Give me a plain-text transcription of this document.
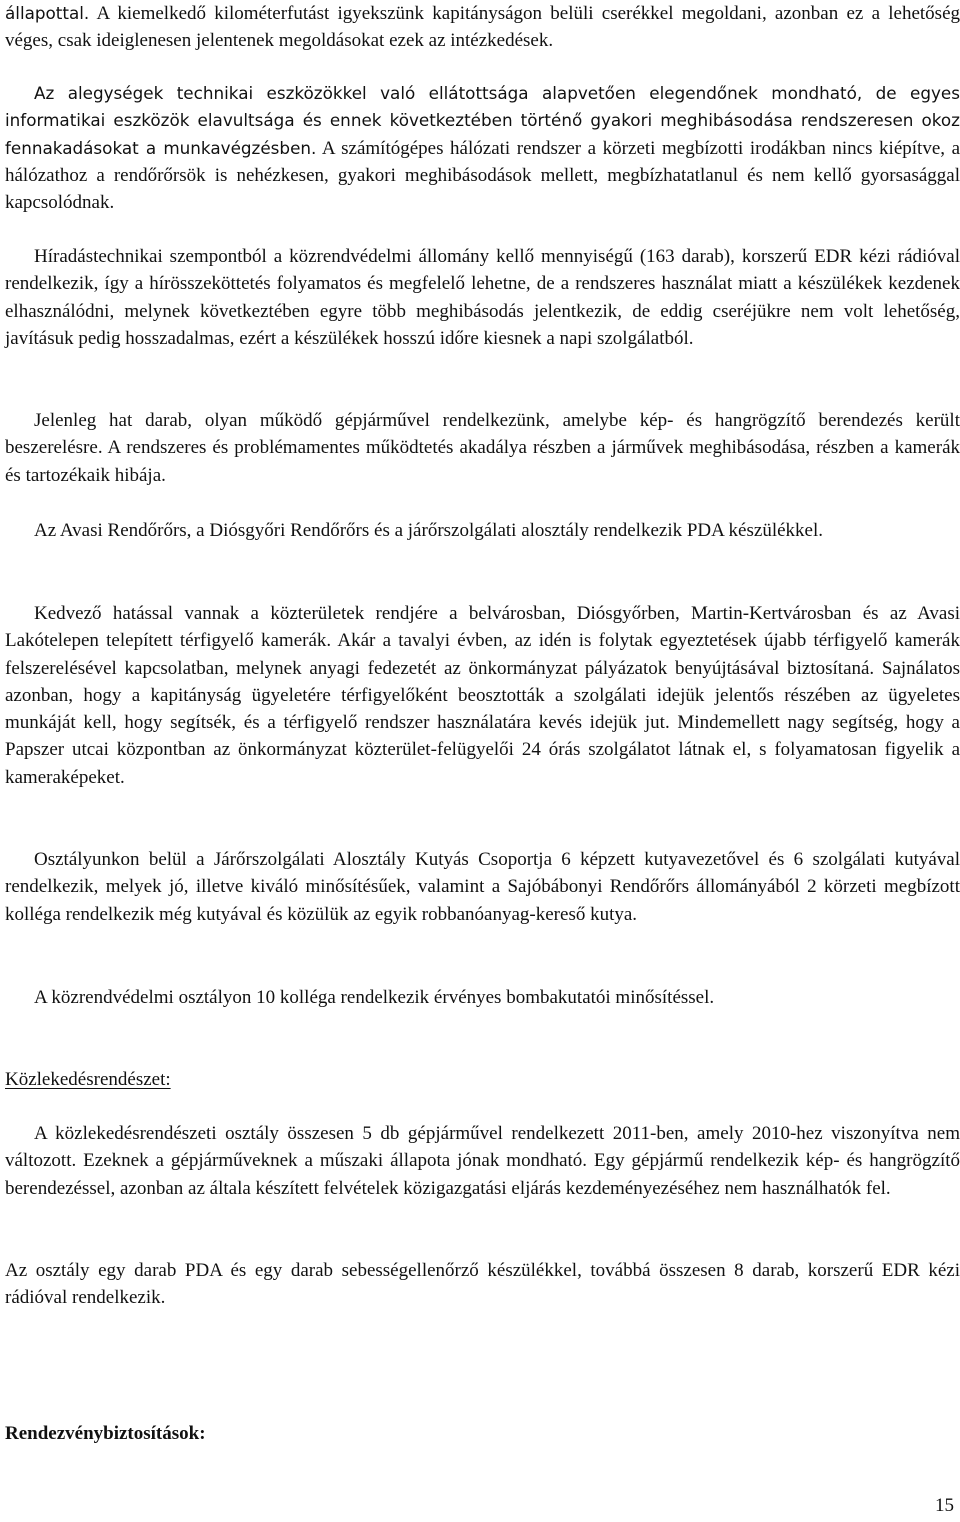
állapottal. A kiemelkedő kilométerfutást igyekszünk kapitányságon belüli cserékkel megoldani, azonban ez a lehetőség véges, csak ideiglenesen jelentenek megoldásokat ezek az intézkedések.

Az alegységek technikai eszközökkel való ellátottsága alapvetően elegendőnek mondható, de egyes informatikai eszközök elavultsága és ennek következtében történő gyakori meghibásodása rendszeresen okoz fennakadásokat a munkavégzésben. A számítógépes hálózati rendszer a körzeti megbízotti irodákban nincs kiépítve, a hálózathoz a rendőrőrsök is nehézkesen, gyakori meghibásodások mellett, megbízhatatlanul és nem kellő gyorsasággal kapcsolódnak.

Híradástechnikai szempontból a közrendvédelmi állomány kellő mennyiségű (163 darab), korszerű EDR kézi rádióval rendelkezik, így a hírösszeköttetés folyamatos és megfelelő lehetne, de a rendszeres használat miatt a készülékek kezdenek elhasználódni, melynek következtében egyre több meghibásodás jelentkezik, de eddig cseréjükre nem volt lehetőség, javításuk pedig hosszadalmas, ezért a készülékek hosszú időre kiesnek a napi szolgálatból.

Jelenleg hat darab, olyan működő gépjárművel rendelkezünk, amelybe kép- és hangrögzítő berendezés került beszerelésre. A rendszeres és problémamentes működtetés akadálya részben a járművek meghibásodása, részben a kamerák és tartozékaik hibája.

Az Avasi Rendőrőrs, a Diósgyőri Rendőrőrs és a járőrszolgálati alosztály rendelkezik PDA készülékkel.

Kedvező hatással vannak a közterületek rendjére a belvárosban, Diósgyőrben, Martin-Kertvárosban és az Avasi Lakótelepen telepített térfigyelő kamerák. Akár a tavalyi évben, az idén is folytak egyeztetések újabb térfigyelő kamerák felszerelésével kapcsolatban, melynek anyagi fedezetét az önkormányzat pályázatok benyújtásával biztosítaná. Sajnálatos azonban, hogy a kapitányság ügyeletére térfigyelőként beosztották a szolgálati idejük jelentős részében az ügyeletes munkáját kell, hogy segítsék, és a térfigyelő rendszer használatára kevés idejük jut. Mindemellett nagy segítség, hogy a Papszer utcai központban az önkormányzat közterület-felügyelői 24 órás szolgálatot látnak el, s folyamatosan figyelik a kameraképeket.

Osztályunkon belül a Járőrszolgálati Alosztály Kutyás Csoportja 6 képzett kutyavezetővel és 6 szolgálati kutyával rendelkezik, melyek jó, illetve kiváló minősítésűek, valamint a Sajóbábonyi Rendőrőrs állományából 2 körzeti megbízott kolléga rendelkezik még kutyával és közülük az egyik robbanóanyag-kereső kutya.

A közrendvédelmi osztályon 10 kolléga rendelkezik érvényes bombakutatói minősítéssel.

Közlekedésrendészet:

A közlekedésrendészeti osztály összesen 5 db gépjárművel rendelkezett 2011-ben, amely 2010-hez viszonyítva nem változott. Ezeknek a gépjárműveknek a műszaki állapota jónak mondható. Egy gépjármű rendelkezik kép- és hangrögzítő berendezéssel, azonban az általa készített felvételek közigazgatási eljárás kezdeményezéséhez nem használhatók fel.

Az osztály egy darab PDA és egy darab sebességellenőrző készülékkel, továbbá összesen 8 darab, korszerű EDR kézi rádióval rendelkezik.

Rendezvénybiztosítások:

15
